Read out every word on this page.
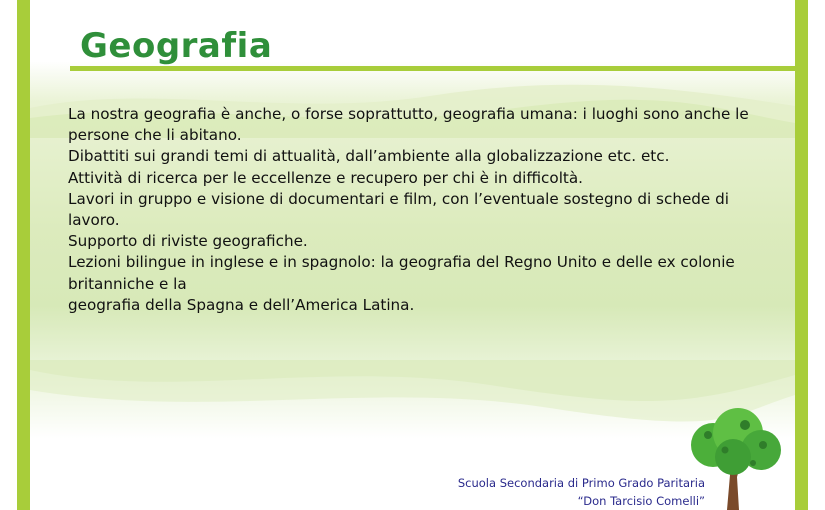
Geografia

La nostra geografia è anche, o forse soprattutto, geografia umana: i luoghi sono anche le persone che li abitano.

Dibattiti sui grandi temi di attualità, dall’ambiente alla globalizzazione etc. etc.

Attività di ricerca per le eccellenze e recupero per chi è in difficoltà.

Lavori in gruppo e visione di documentari e film, con l’eventuale sostegno di schede di lavoro.

Supporto di riviste geografiche.

Lezioni bilingue in inglese e in spagnolo: la geografia del Regno Unito e delle ex colonie britanniche e la

geografia della Spagna e dell’America Latina.

Scuola Secondaria di Primo Grado Paritaria
“Don Tarcisio Comelli”
